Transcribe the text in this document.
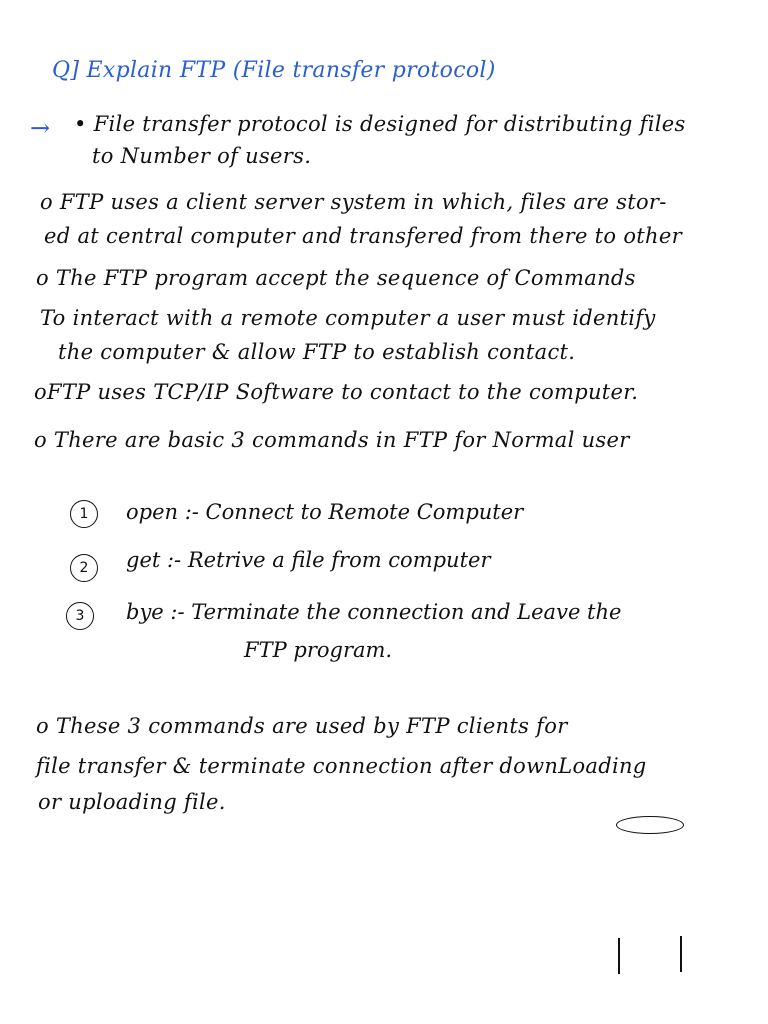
Q] Explain FTP (File transfer protocol)
→ • File transfer protocol is designed for distributing files
to Number of users.
o FTP uses a client server system in which, files are stor-
ed at central computer and transfered from there to other
o The FTP program accept the sequence of Commands
To interact with a remote computer a user must identify
the computer & allow FTP to establish contact.
oFTP uses TCP/IP Software to contact to the computer.
o There are basic 3 commands in FTP for Normal user
1	open :- Connect to Remote Computer
2	get :- Retrive a file from computer
3	bye :- Terminate the connection and Leave the
FTP program.
o These 3 commands are used by FTP clients for
file transfer & terminate connection after downLoading
or uploading file.
